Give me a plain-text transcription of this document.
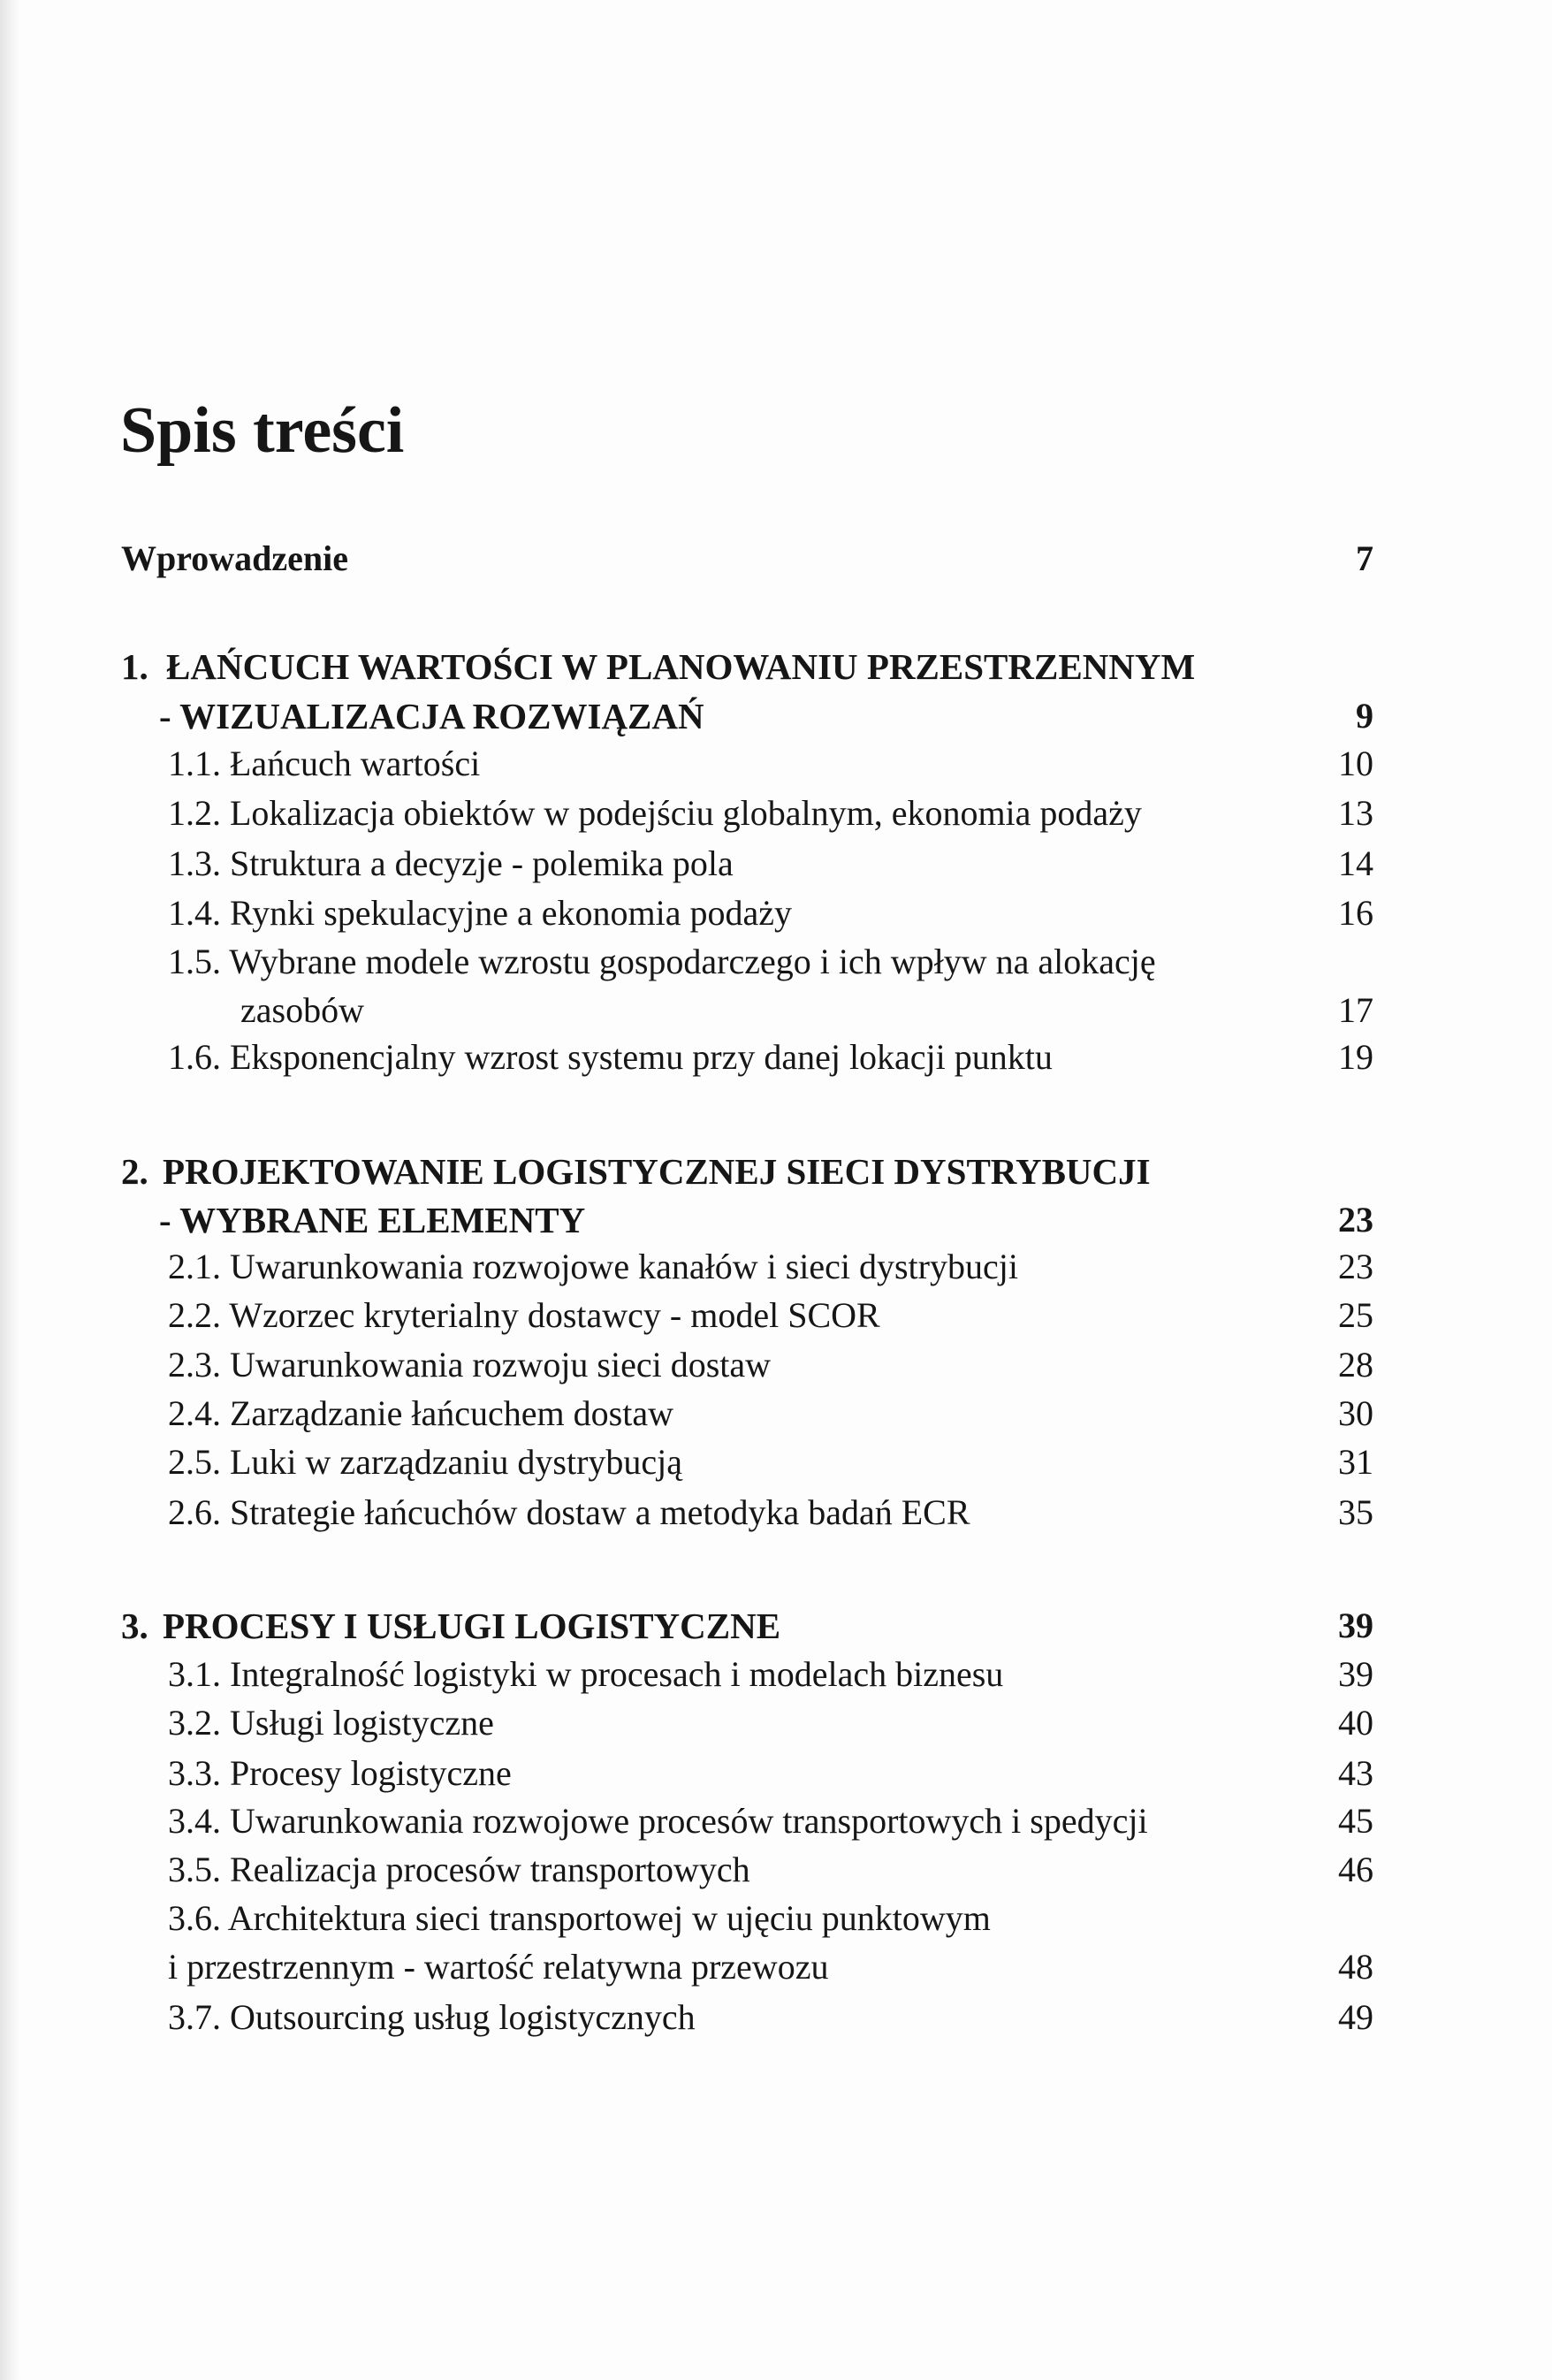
Spis treści
Wprowadzenie	7
1. ŁAŃCUCH WARTOŚCI W PLANOWANIU PRZESTRZENNYM
- WIZUALIZACJA ROZWIĄZAŃ	9
1.1. Łańcuch wartości	10
1.2. Lokalizacja obiektów w podejściu globalnym, ekonomia podaży	13
1.3. Struktura a decyzje - polemika pola	14
1.4. Rynki spekulacyjne a ekonomia podaży	16
1.5. Wybrane modele wzrostu gospodarczego i ich wpływ na alokację
zasobów	17
1.6. Eksponencjalny wzrost systemu przy danej lokacji punktu	19
2. PROJEKTOWANIE LOGISTYCZNEJ SIECI DYSTRYBUCJI
- WYBRANE ELEMENTY	23
2.1. Uwarunkowania rozwojowe kanałów i sieci dystrybucji	23
2.2. Wzorzec kryterialny dostawcy - model SCOR	25
2.3. Uwarunkowania rozwoju sieci dostaw	28
2.4. Zarządzanie łańcuchem dostaw	30
2.5. Luki w zarządzaniu dystrybucją	31
2.6. Strategie łańcuchów dostaw a metodyka badań ECR	35
3. PROCESY I USŁUGI LOGISTYCZNE	39
3.1. Integralność logistyki w procesach i modelach biznesu	39
3.2. Usługi logistyczne	40
3.3. Procesy logistyczne	43
3.4. Uwarunkowania rozwojowe procesów transportowych i spedycji	45
3.5. Realizacja procesów transportowych	46
3.6. Architektura sieci transportowej w ujęciu punktowym
i przestrzennym - wartość relatywna przewozu	48
3.7. Outsourcing usług logistycznych	49
